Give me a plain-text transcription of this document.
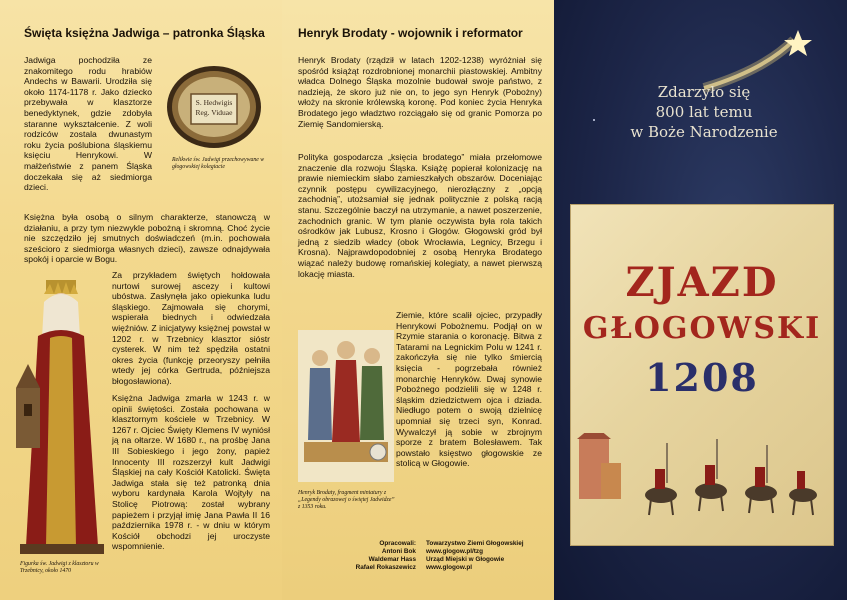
Święta księżna Jadwiga – patronka Śląska

Jadwiga pochodziła ze znakomitego rodu hrabiów Andechs w Bawarii. Urodziła się około 1174-1178 r. Jako dziecko przebywała w klasztorze benedyktynek, gdzie zdobyła staranne wykształcenie. Z woli rodziców zostala dwunastym roku życia poślubiona śląskiemu księciu Henrykowi. W małżeństwie z panem Śląska doczekała się aż siedmiorga dzieci.

S. Hedwigis Reg. Viduae
Relikwie św. Jadwigi przechowywane w głogowskiej kolegiacie

Księżna była osobą o silnym charakterze, stanowczą w działaniu, a przy tym niezwykle pobożną i skromną. Choć życie nie szczędziło jej smutnych doświadczeń (m.in. pochowała sześcioro z siedmiorga własnych dzieci), zawsze odnajdywała spokój i oparcie w Bogu.

Za przykładem świętych hołdowała nurtowi surowej ascezy i kultowi ubóstwa. Zasłynęła jako opiekunka ludu śląskiego. Zajmowała się chorymi, wspierała biednych i odwiedzała więźniów. Z inicjatywy księżnej powstał w 1202 r. w Trzebnicy klasztor sióstr cysterek. W nim też spędziła ostatni okres życia (funkcję przeoryszy pełniła wtedy jej córka Gertruda, późniejsza błogosławiona).

Księżna Jadwiga zmarła w 1243 r. w opinii świętości. Została pochowana w klasztornym kościele w Trzebnicy. W 1267 r. Ojciec Święty Klemens IV wyniósł ją na ołtarze. W 1680 r., na prośbę Jana III Sobieskiego i jego żony, papież Innocenty III rozszerzył kult Jadwigi Śląskiej na cały Kościół Katolicki. Święta Jadwiga stała się też patronką dnia wyboru kardynała Karola Wojtyły na Stolicę Piotrową: został wybrany papieżem i przyjął imię Jana Pawła II 16 października 1978 r. - w dniu w którym Kościół obchodzi jej uroczyste wspomnienie.

Figurka św. Jadwigi z klasztoru w Trzebnicy, około 1470
Henryk Brodaty - wojownik i reformator

Henryk Brodaty (rządził w latach 1202-1238) wyróżniał się spośród książąt rozdrobnionej monarchii piastowskiej. Ambitny władca Dolnego Śląska mozolnie budował swoje państwo, z nadzieją, że skoro już nie on, to jego syn Henryk (Pobożny) włoży na skronie królewską koronę. Pod koniec życia Henryka Brodatego jego władztwo rozciągało się od granic Pomorza po Ziemię Sandomierską.

Polityka gospodarcza „księcia brodatego” miała przełomowe znaczenie dla rozwoju Śląska. Książę popierał kolonizację na prawie niemieckim słabo zamieszkałych obszarów. Doceniając czynnik postępu cywilizacyjnego, nierozłączny z „opcją zachodnią”, utożsamiał się jednak politycznie z polską racją stanu. Szczególnie baczył na utrzymanie, a nawet poszerzenie, zachodnich granic. W tym planie oczywista była rola takich ośrodków jak Lubusz, Krosno i Głogów. Głogowski gród był jedną z siedzib władcy (obok Wrocławia, Legnicy, Brzegu i Krosna). Najprawdopodobniej z osobą Henryka Brodatego wiązać należy budowę romańskiej kolegiaty, a nawet pierwszą lokację miasta.

Ziemie, które scalił ojciec, przypadły Henrykowi Pobożnemu. Podjął on w Rzymie starania o koronację. Bitwa z Tatarami na Legnickim Polu w 1241 r. zakończyła się nie tylko śmiercią księcia - pogrzebała również monarchię Henryków. Dwaj synowie Pobożnego podzielili się w 1248 r. śląskim dziedzictwem ojca i dziada. Niedługo potem o swoją dzielnicę upomniał się trzeci syn, Konrad. Wywalczył ją sobie w zbrojnym sporze z bratem Bolesławem. Tak powstało księstwo głogowskie ze stolicą w Głogowie.

Henryk Brodaty, fragment miniatury z „Legendy obrazowej o świętej Jadwidze” z 1353 roku.
Opracowali:
Antoni Bok
Waldemar Hass
Rafael Rokaszewicz
Towarzystwo Ziemi Głogowskiej
www.glogow.pl/tzg
Urząd Miejski w Głogowie
www.glogow.pl
Zdarzyło się
800 lat temu
w Boże Narodzenie
ZJAZD
GŁOGOWSKI
1208
